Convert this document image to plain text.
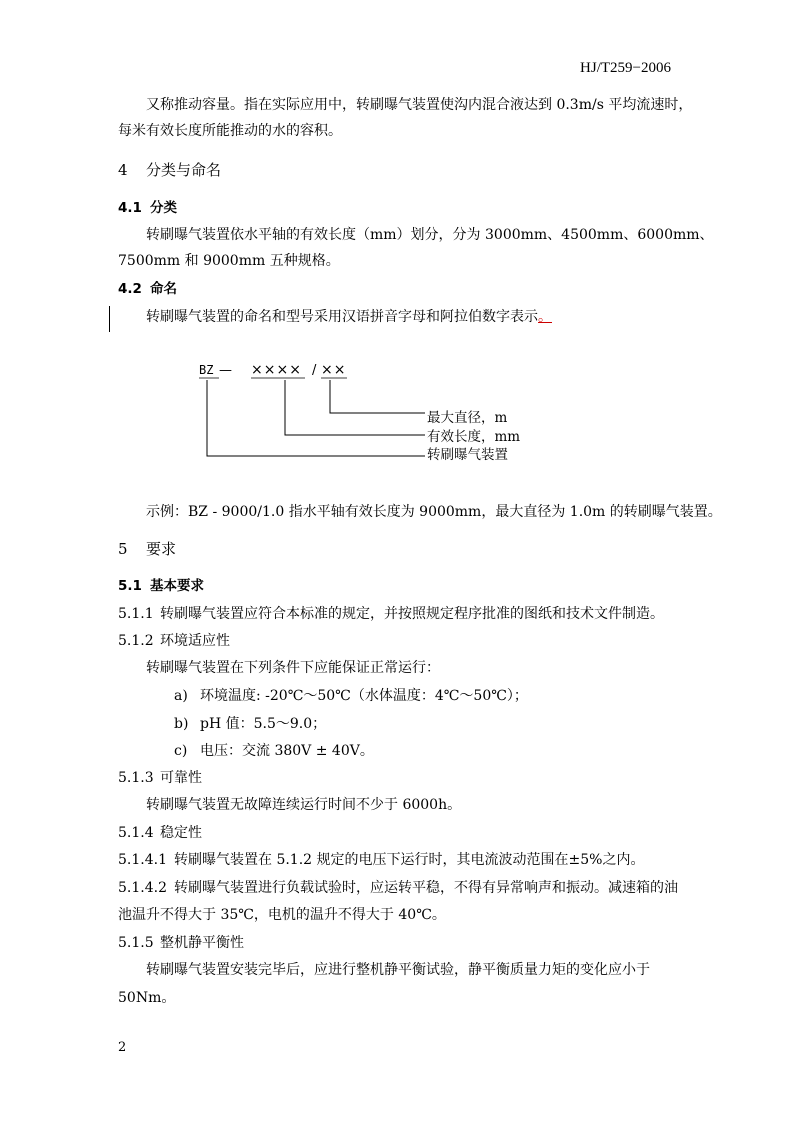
HJ/T259−2006
又称推动容量。指在实际应用中，转刷曝气装置使沟内混合液达到 0.3m/s 平均流速时，
每米有效长度所能推动的水的容积。
4 分类与命名
4.1 分类
转刷曝气装置依水平轴的有效长度（mm）划分，分为 3000mm、4500mm、6000mm、
7500mm 和 9000mm 五种规格。
4.2 命名
转刷曝气装置的命名和型号采用汉语拼音字母和阿拉伯数字表示。
BZ — ×××× / ××
最大直径，m
有效长度，mm
转刷曝气装置
示例：BZ - 9000/1.0 指水平轴有效长度为 9000mm，最大直径为 1.0m 的转刷曝气装置。
5 要求
5.1 基本要求
5.1.1 转刷曝气装置应符合本标准的规定，并按照规定程序批准的图纸和技术文件制造。
5.1.2 环境适应性
转刷曝气装置在下列条件下应能保证正常运行：
a) 环境温度: -20℃～50℃（水体温度：4℃～50℃）；
b) pH 值：5.5～9.0；
c) 电压：交流 380V ± 40V。
5.1.3 可靠性
转刷曝气装置无故障连续运行时间不少于 6000h。
5.1.4 稳定性
5.1.4.1 转刷曝气装置在 5.1.2 规定的电压下运行时，其电流波动范围在±5%之内。
5.1.4.2 转刷曝气装置进行负载试验时，应运转平稳，不得有异常响声和振动。减速箱的油
池温升不得大于 35℃，电机的温升不得大于 40℃。
5.1.5 整机静平衡性
转刷曝气装置安装完毕后，应进行整机静平衡试验，静平衡质量力矩的变化应小于
50Nm。
2
